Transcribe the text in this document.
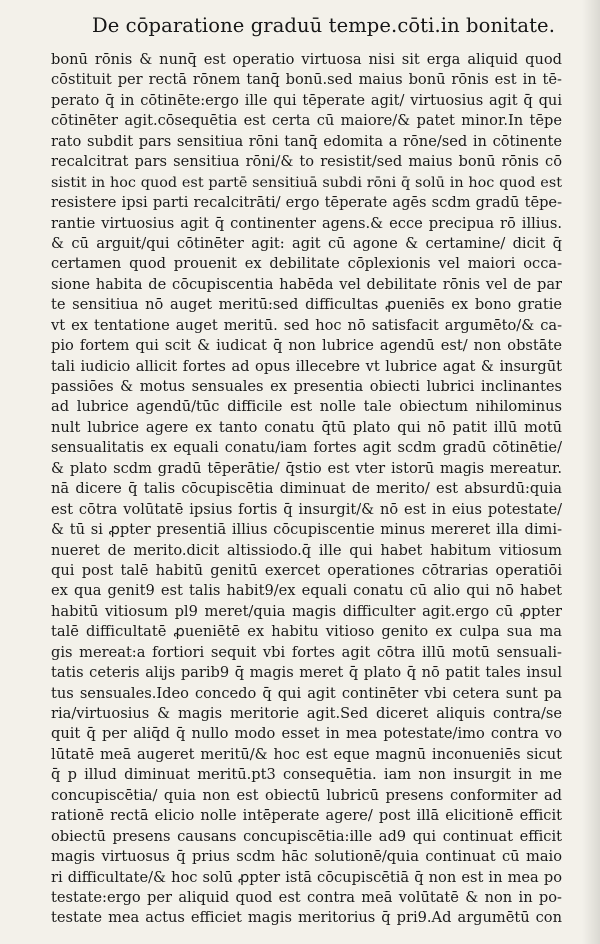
De cōparatione graduū tempe.cōti.in bonitate.
bonū rōnis & nunq̄ est operatio virtuosa nisi sit erga aliquid quod
cōstituit per rectā rōnem tanq̄ bonū.sed maius bonū rōnis est in tē-
perato q̄ in cōtinēte:ergo ille qui tēperate agit/ virtuosius agit q̄ qui
cōtinēter agit.cōsequētia est certa cū maiore/& patet minor.In tēpe
rato subdit pars sensitiua rōni tanq̄ edomita a rōne/sed in cōtinente
recalcitrat pars sensitiua rōni/& to resistit/sed maius bonū rōnis cō
sistit in hoc quod est partē sensitiuā subdi rōni q̄ solū in hoc quod est
resistere ipsi parti recalcitrāti/ ergo tēperate agēs scdm gradū tēpe-
rantie virtuosius agit q̄ continenter agens.& ecce precipua rō illius.
& cū arguit/qui cōtinēter agit: agit cū agone & certamine/ dicit q̄
certamen quod prouenit ex debilitate cōplexionis vel maiori occa-
sione habita de cōcupiscentia habēda vel debilitate rōnis vel de par
te sensitiua nō auget meritū:sed difficultas ꝓueniēs ex bono gratie
vt ex tentatione auget meritū. sed hoc nō satisfacit argumēto/& ca-
pio fortem qui scit & iudicat q̄ non lubrice agendū est/ non obstāte
tali iudicio allicit fortes ad opus illecebre vt lubrice agat & insurgūt
passiōes & motus sensuales ex presentia obiecti lubrici inclinantes
ad lubrice agendū/tūc difficile est nolle tale obiectum nihilominus
nult lubrice agere ex tanto conatu q̄tū plato qui nō patit illū motū
sensualitatis ex equali conatu/iam fortes agit scdm gradū cōtinētie/
& plato scdm gradū tēperātie/ q̄stio est vter istorū magis mereatur.
nā dicere q̄ talis cōcupiscētia diminuat de merito/ est absurdū:quia
est cōtra volūtatē ipsius fortis q̄ insurgit/& nō est in eius potestate/
& tū si ꝓpter presentiā illius cōcupiscentie minus mereret illa dimi-
nueret de merito.dicit altissiodo.q̄ ille qui habet habitum vitiosum
qui post talē habitū genitū exercet operationes cōtrarias operatiōi
ex qua genit9 est talis habit9/ex equali conatu cū alio qui nō habet
habitū vitiosum pl9 meret/quia magis difficulter agit.ergo cū ꝓpter
talē difficultatē ꝓueniētē ex habitu vitioso genito ex culpa sua ma
gis mereat:a fortiori sequit vbi fortes agit cōtra illū motū sensuali-
tatis ceteris alijs parib9 q̄ magis meret q̄ plato q̄ nō patit tales insul
tus sensuales.Ideo concedo q̄ qui agit continēter vbi cetera sunt pa
ria/virtuosius & magis meritorie agit.Sed diceret aliquis contra/se
quit q̄ per aliq̄d q̄ nullo modo esset in mea potestate/imo contra vo
lūtatē meā augeret meritū/& hoc est eque magnū inconueniēs sicut
q̄ p illud diminuat meritū.pt3 consequētia. iam non insurgit in me
concupiscētia/ quia non est obiectū lubricū presens conformiter ad
rationē rectā elicio nolle intēperate agere/ post illā elicitionē efficit
obiectū presens causans concupiscētia:ille ad9 qui continuat efficit
magis virtuosus q̄ prius scdm hāc solutionē/quia continuat cū maio
ri difficultate/& hoc solū ꝓpter istā cōcupiscētiā q̄ non est in mea po
testate:ergo per aliquid quod est contra meā volūtatē & non in po-
testate mea actus efficiet magis meritorius q̄ pri9.Ad argumētū con
